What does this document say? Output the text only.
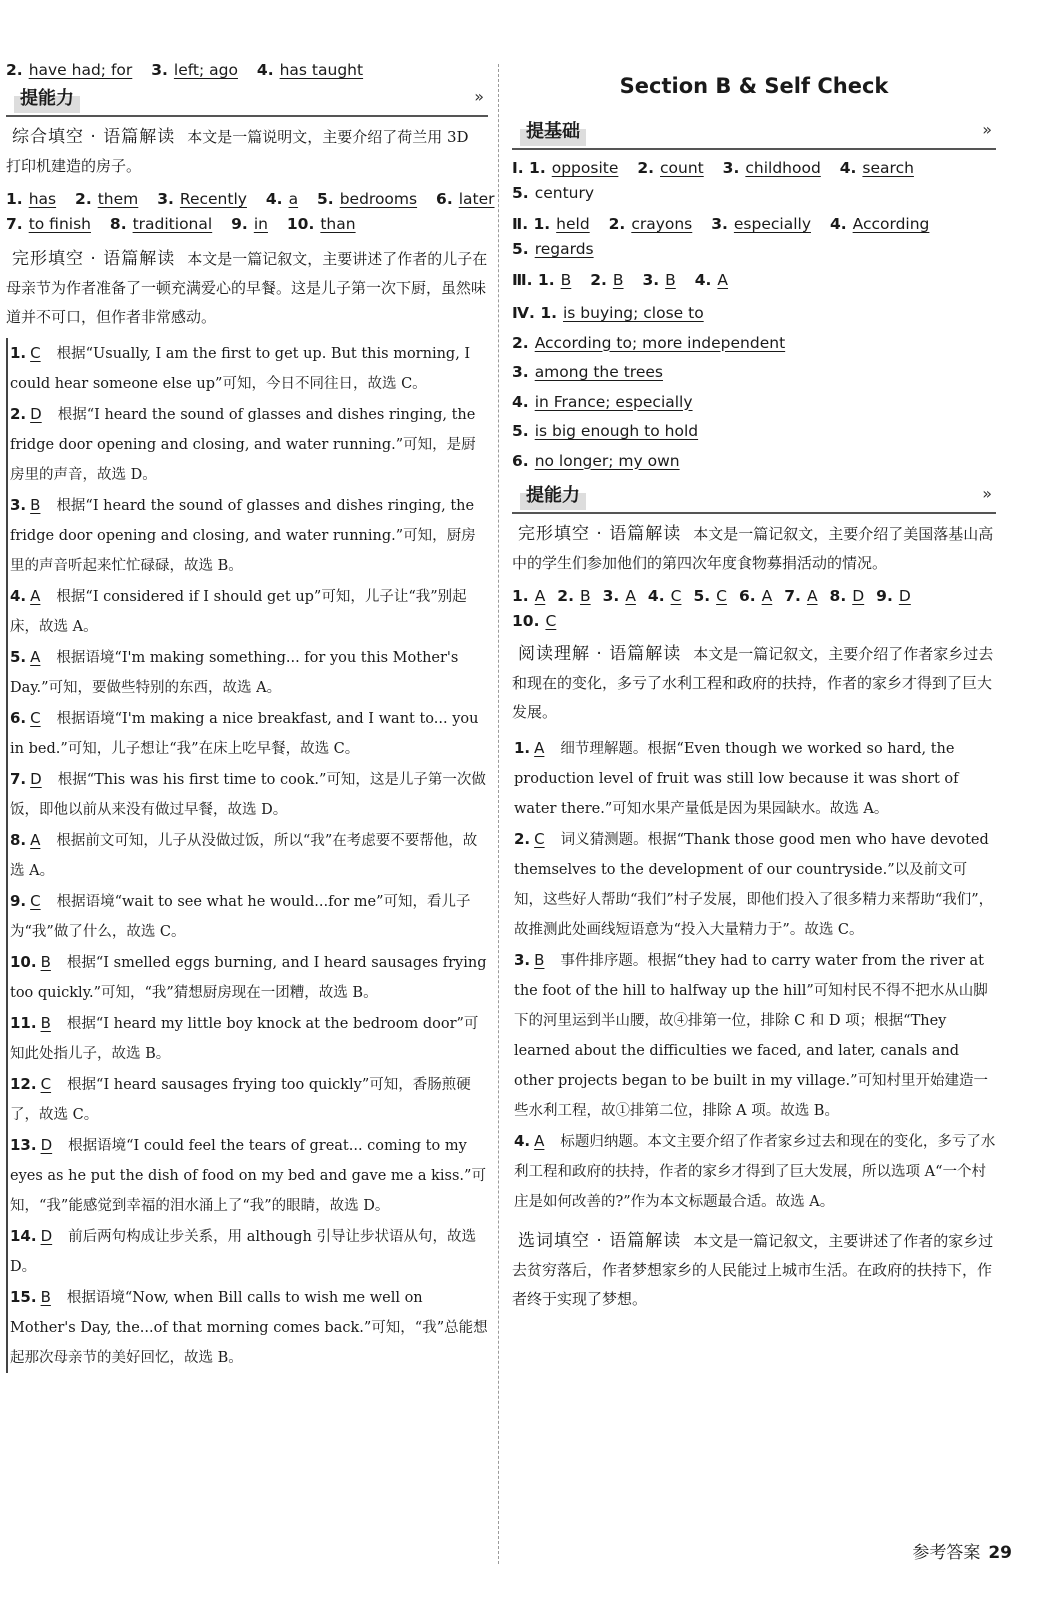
2. have had; for 3. left; ago 4. has taught
提能力	»

综合填空 · 语篇解读 本文是一篇说明文，主要介绍了荷兰用 3D 打印机建造的房子。

1. has 2. them 3. Recently 4. a 5. bedrooms 6. later
7. to finish 8. traditional 9. in 10. than

完形填空 · 语篇解读 本文是一篇记叙文，主要讲述了作者的儿子在母亲节为作者准备了一顿充满爱心的早餐。这是儿子第一次下厨，虽然味道并不可口，但作者非常感动。

1. C 根据“Usually, I am the first to get up. But this morning, I could hear someone else up”可知，今日不同往日，故选 C。

2. D 根据“I heard the sound of glasses and dishes ringing, the fridge door opening and closing, and water running.”可知，是厨房里的声音，故选 D。

3. B 根据“I heard the sound of glasses and dishes ringing, the fridge door opening and closing, and water running.”可知，厨房里的声音听起来忙忙碌碌，故选 B。

4. A 根据“I considered if I should get up”可知，儿子让“我”别起床，故选 A。

5. A 根据语境“I'm making something... for you this Mother's Day.”可知，要做些特别的东西，故选 A。

6. C 根据语境“I'm making a nice breakfast, and I want to... you in bed.”可知，儿子想让“我”在床上吃早餐，故选 C。

7. D 根据“This was his first time to cook.”可知，这是儿子第一次做饭，即他以前从来没有做过早餐，故选 D。

8. A 根据前文可知，儿子从没做过饭，所以“我”在考虑要不要帮他，故选 A。

9. C 根据语境“wait to see what he would...for me”可知，看儿子为“我”做了什么，故选 C。

10. B 根据“I smelled eggs burning, and I heard sausages frying too quickly.”可知，“我”猜想厨房现在一团糟，故选 B。

11. B 根据“I heard my little boy knock at the bedroom door”可知此处指儿子，故选 B。

12. C 根据“I heard sausages frying too quickly”可知，香肠煎硬了，故选 C。

13. D 根据语境“I could feel the tears of great... coming to my eyes as he put the dish of food on my bed and gave me a kiss.”可知，“我”能感觉到幸福的泪水涌上了“我”的眼睛，故选 D。

14. D 前后两句构成让步关系，用 although 引导让步状语从句，故选 D。

15. B 根据语境“Now, when Bill calls to wish me well on Mother's Day, the...of that morning comes back.”可知，“我”总能想起那次母亲节的美好回忆，故选 B。

Section B & Self Check
提基础	»
Ⅰ. 1. opposite 2. count 3. childhood 4. search
5. century
Ⅱ. 1. held 2. crayons 3. especially 4. According
5. regards
Ⅲ. 1. B 2. B 3. B 4. A
Ⅳ. 1. is buying; close to
2. According to; more independent
3. among the trees
4. in France; especially
5. is big enough to hold
6. no longer; my own
提能力	»

完形填空 · 语篇解读 本文是一篇记叙文，主要介绍了美国落基山高中的学生们参加他们的第四次年度食物募捐活动的情况。

1. A 2. B 3. A 4. C 5. C 6. A 7. A 8. D 9. D
10. C

阅读理解 · 语篇解读 本文是一篇记叙文，主要介绍了作者家乡过去和现在的变化，多亏了水利工程和政府的扶持，作者的家乡才得到了巨大发展。

1. A 细节理解题。根据“Even though we worked so hard, the production level of fruit was still low because it was short of water there.”可知水果产量低是因为果园缺水。故选 A。

2. C 词义猜测题。根据“Thank those good men who have devoted themselves to the development of our countryside.”以及前文可知，这些好人帮助“我们”村子发展，即他们投入了很多精力来帮助“我们”，故推测此处画线短语意为“投入大量精力于”。故选 C。

3. B 事件排序题。根据“they had to carry water from the river at the foot of the hill to halfway up the hill”可知村民不得不把水从山脚下的河里运到半山腰，故④排第一位，排除 C 和 D 项；根据“They learned about the difficulties we faced, and later, canals and other projects began to be built in my village.”可知村里开始建造一些水利工程，故①排第二位，排除 A 项。故选 B。

4. A 标题归纳题。本文主要介绍了作者家乡过去和现在的变化，多亏了水利工程和政府的扶持，作者的家乡才得到了巨大发展，所以选项 A“一个村庄是如何改善的?”作为本文标题最合适。故选 A。

选词填空 · 语篇解读 本文是一篇记叙文，主要讲述了作者的家乡过去贫穷落后，作者梦想家乡的人民能过上城市生活。在政府的扶持下，作者终于实现了梦想。

参考答案 29
